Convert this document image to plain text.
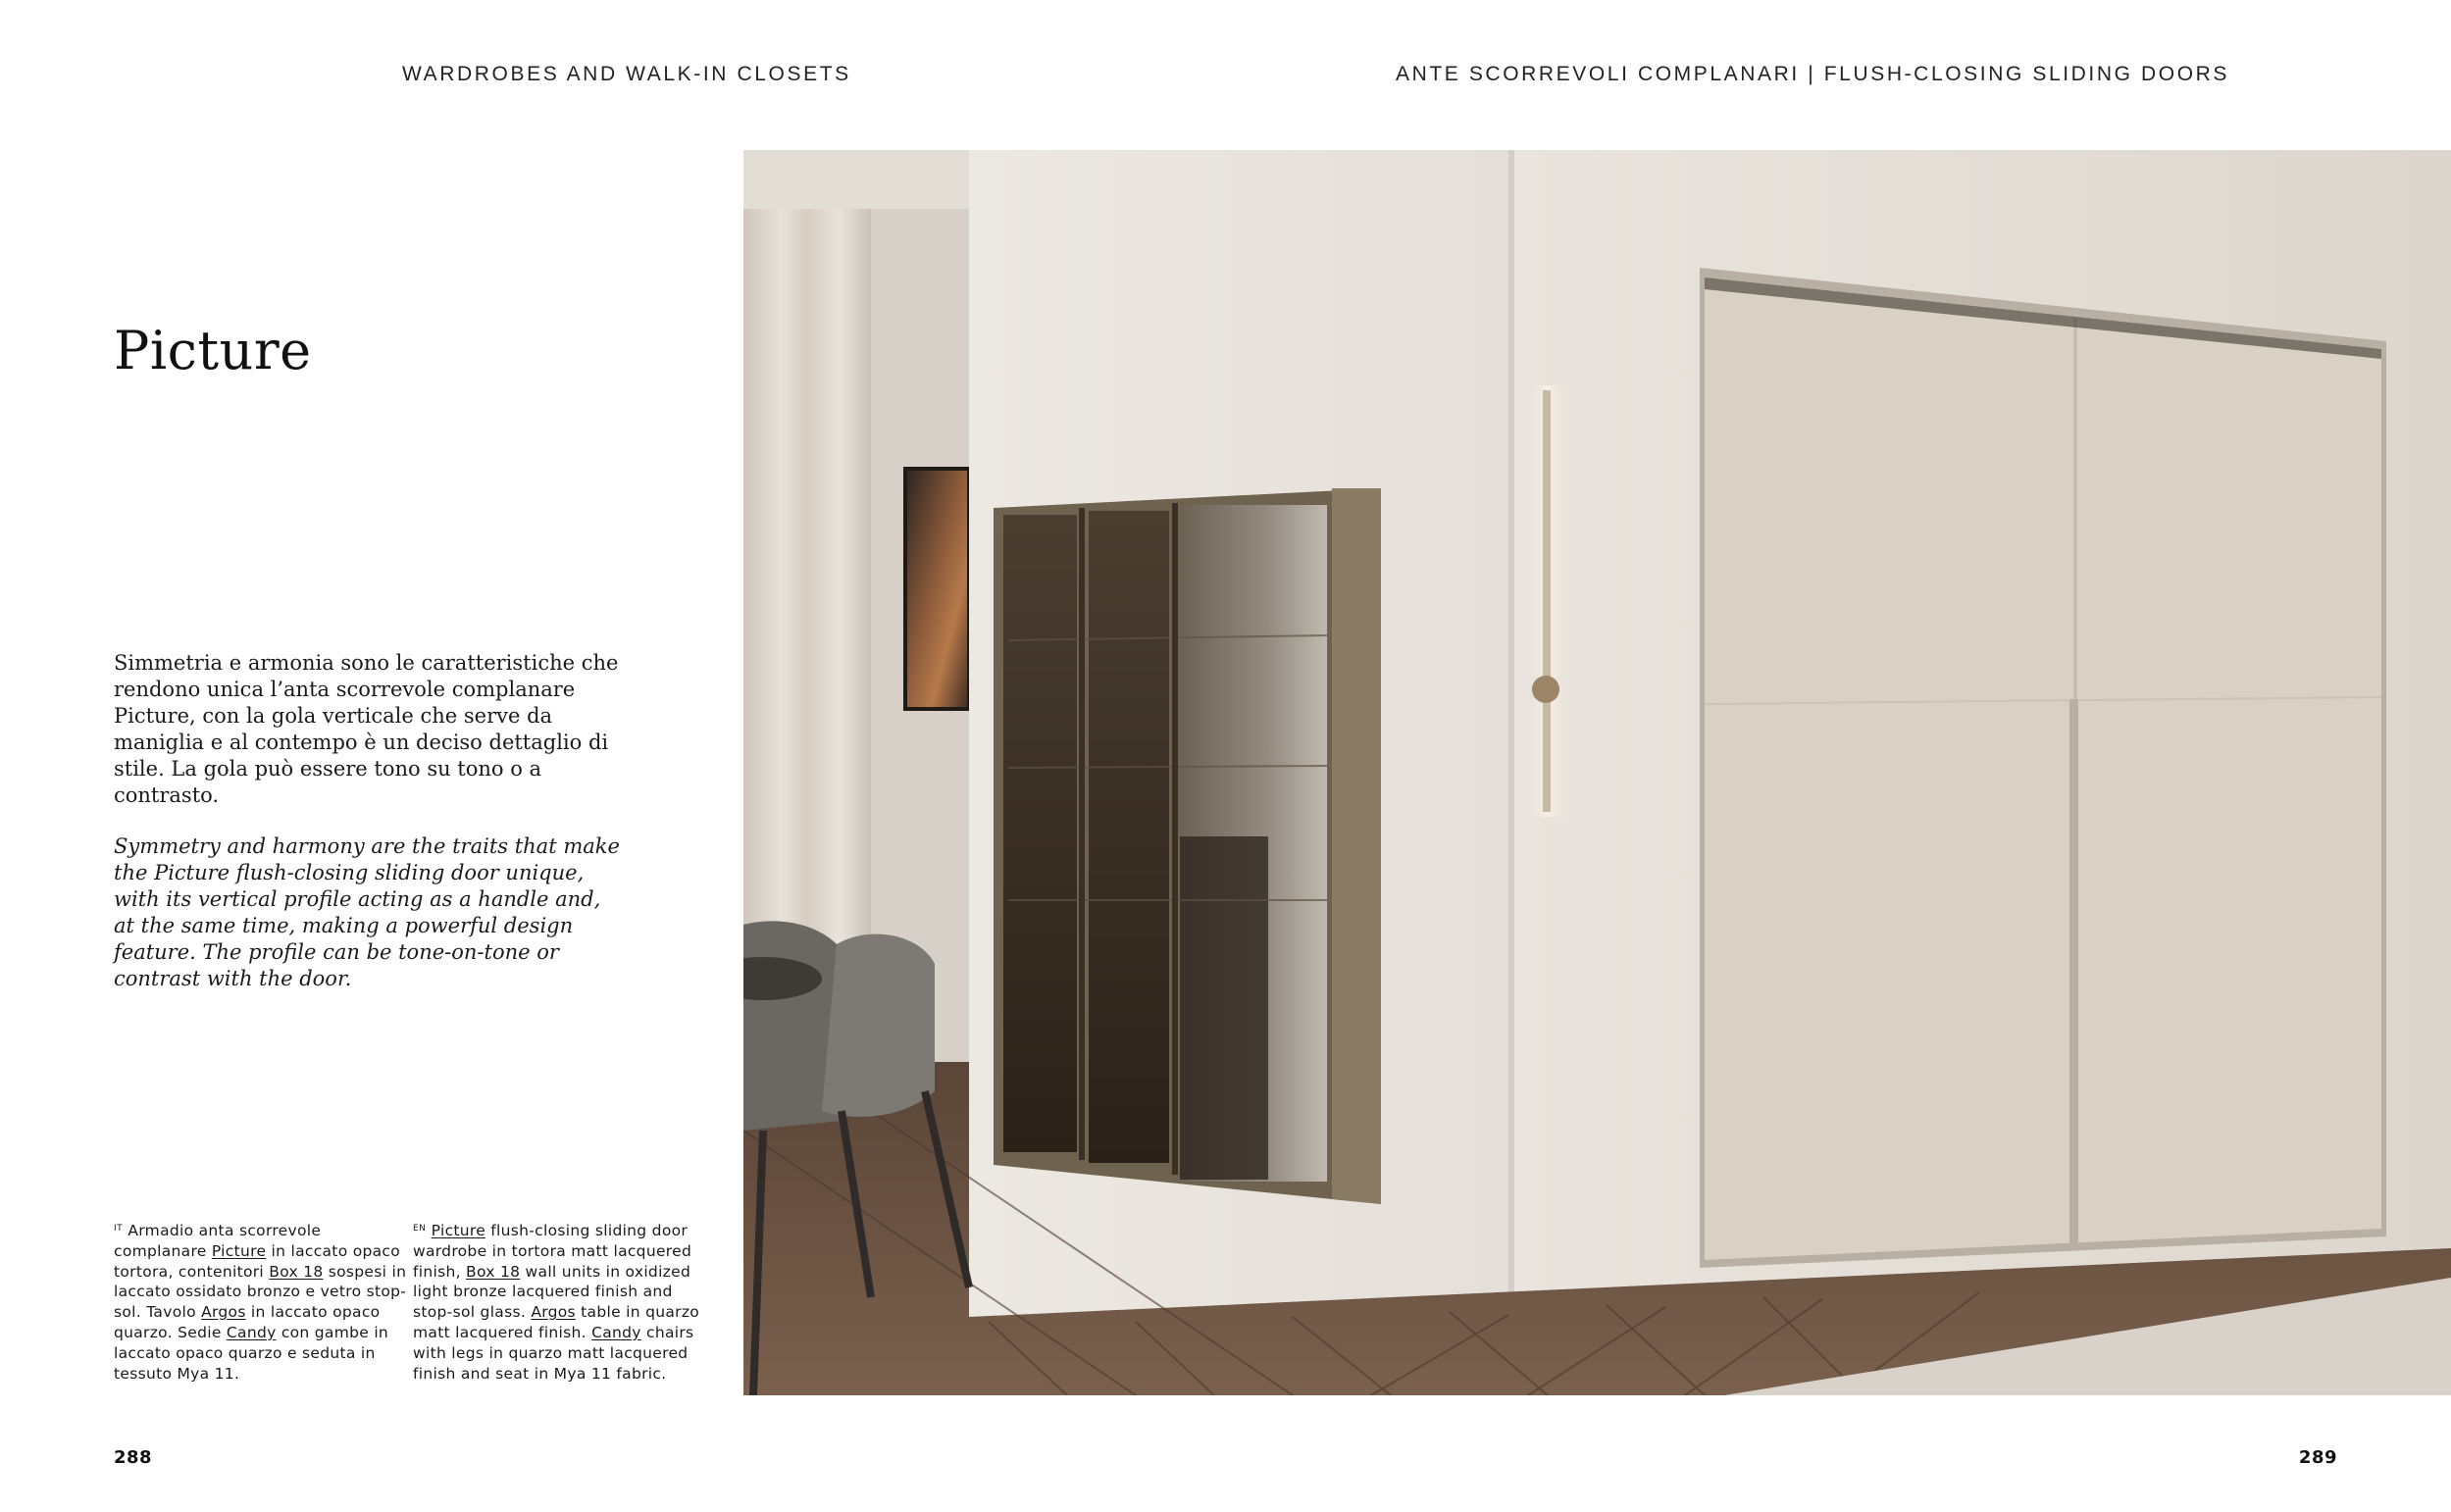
WARDROBES AND WALK-IN CLOSETS	ANTE SCORREVOLI COMPLANARI | FLUSH-CLOSING SLIDING DOORS
Picture

Simmetria e armonia sono le caratteristiche che rendono unica l’anta scorrevole complanare Picture, con la gola verticale che serve da maniglia e al contempo è un deciso dettaglio di stile. La gola può essere tono su tono o a contrasto.

Symmetry and harmony are the traits that make the Picture flush-closing sliding door unique, with its vertical profile acting as a handle and, at the same time, making a powerful design feature. The profile can be tone-on-tone or contrast with the door.

$^{IT}$ Armadio anta scorrevole complanare Picture in laccato opaco tortora, contenitori Box 18 sospesi in laccato ossidato bronzo e vetro stop-sol. Tavolo Argos in laccato opaco quarzo. Sedie Candy con gambe in laccato opaco quarzo e seduta in tessuto Mya 11.
$^{EN}$ Picture flush-closing sliding door wardrobe in tortora matt lacquered finish, Box 18 wall units in oxidized light bronze lacquered finish and stop-sol glass. Argos table in quarzo matt lacquered finish. Candy chairs with legs in quarzo matt lacquered finish and seat in Mya 11 fabric.
288	289
